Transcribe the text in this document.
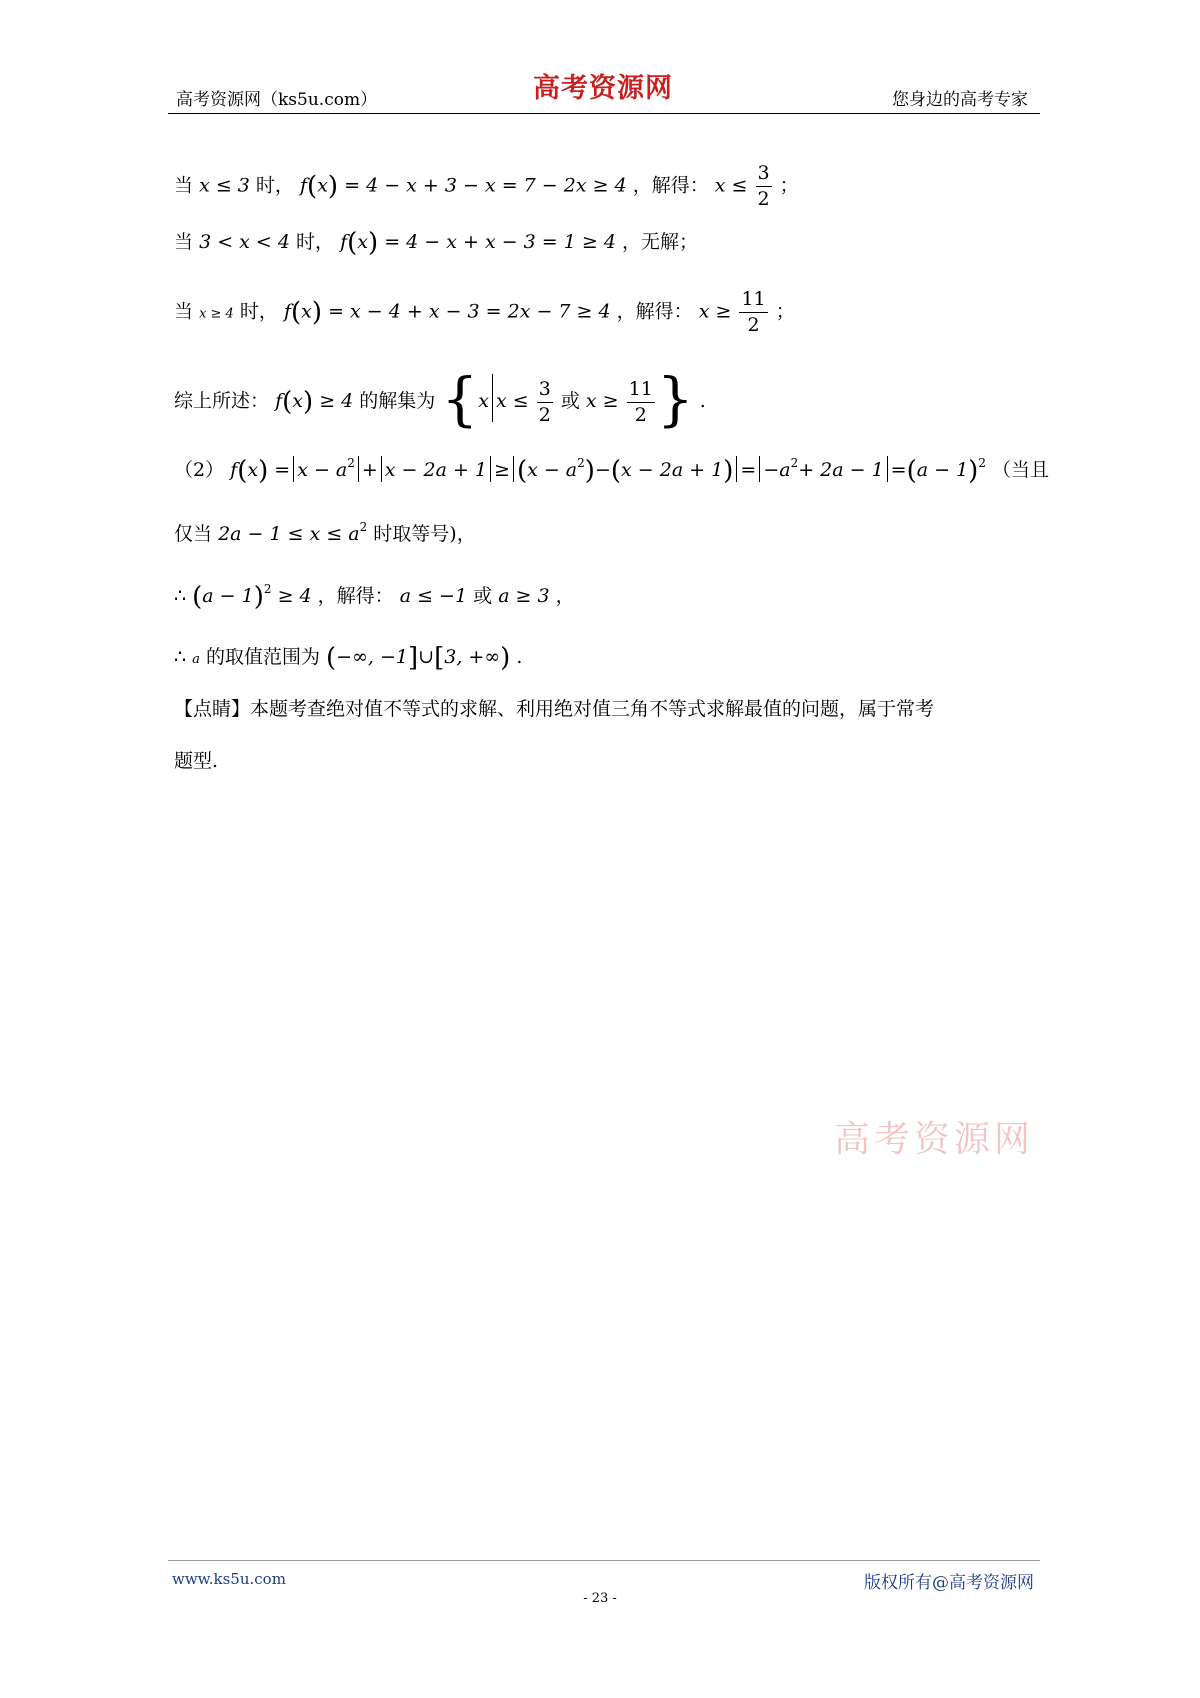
高考资源网（ks5u.com）	高考资源网	您身边的高考专家
当 x ≤ 3 时， f(x) = 4 − x + 3 − x = 7 − 2x ≥ 4 ，解得： $x \le \frac{3}{2}$ ；
当 3 < x < 4 时， f(x) = 4 − x + x − 3 = 1 ≥ 4 ，无解；
当 x ≥ 4 时， f(x) = x − 4 + x − 3 = 2x − 7 ≥ 4 ，解得： $x \ge \frac{11}{2}$ ；
综上所述： f(x) ≥ 4 的解集为 {x $x \le \frac{3}{2}$ 或 $x \ge \frac{11}{2}$ } .
（2） $f(x) = x - a^2 + x - 2a + 1 \ge (x - a^2)-(x - 2a + 1) = -a^2+ 2a - 1 =(a - 1)^2$ （当且
仅当 $2a - 1 \le x \le a^2$ 时取等号)，
∴ $(a - 1)^2 \ge 4$ ，解得： a ≤ −1 或 a ≥ 3 ，
∴ a 的取值范围为 (−∞, −1]∪[3, +∞) .
【点睛】本题考查绝对值不等式的求解、利用绝对值三角不等式求解最值的问题，属于常考
题型.
高考资源网
www.ks5u.com
- 23 -
版权所有@高考资源网
